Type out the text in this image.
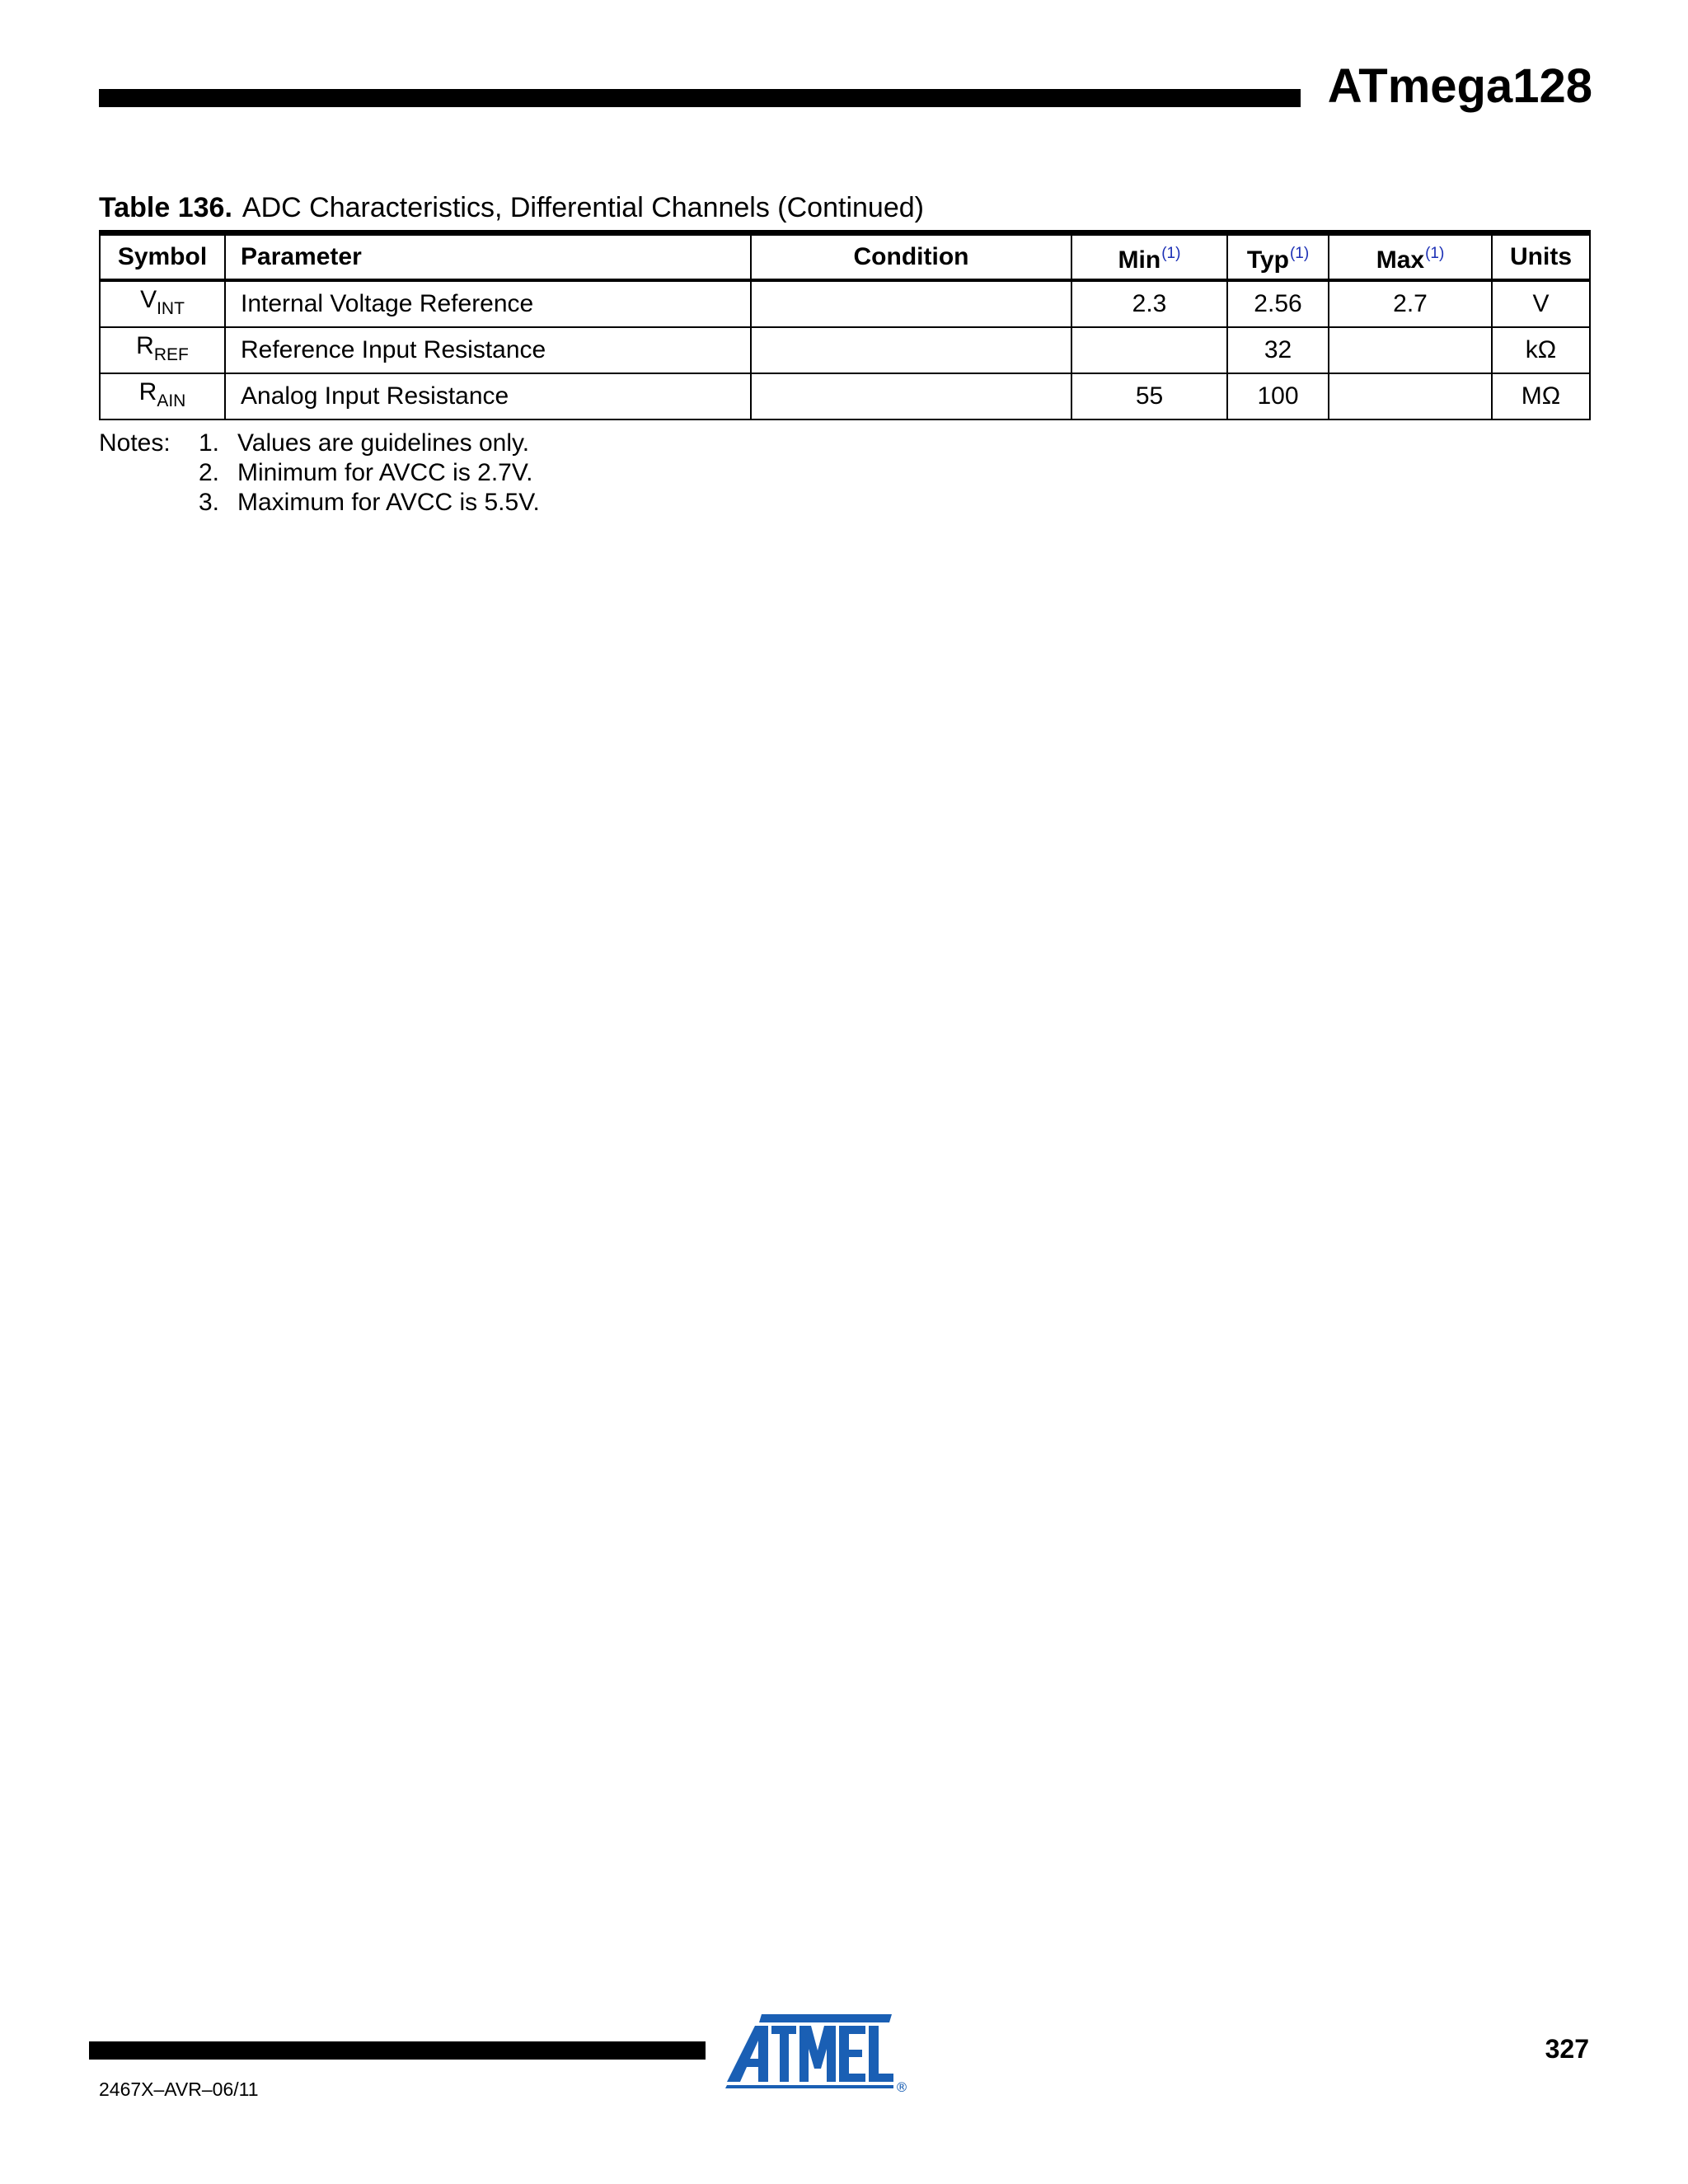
ATmega128
Table 136. ADC Characteristics, Differential Channels (Continued)
Symbol	Parameter	Condition	Min$^{(1)}$	Typ$^{(1)}$	Max$^{(1)}$	Units
$V_{INT}$	Internal Voltage Reference		2.3	2.56	2.7	V
$R_{REF}$	Reference Input Resistance			32		kΩ
$R_{AIN}$	Analog Input Resistance		55	100		MΩ
Notes: 1. Values are guidelines only.
2. Minimum for AVCC is 2.7V.
3. Maximum for AVCC is 5.5V.
®
327
2467X–AVR–06/11
